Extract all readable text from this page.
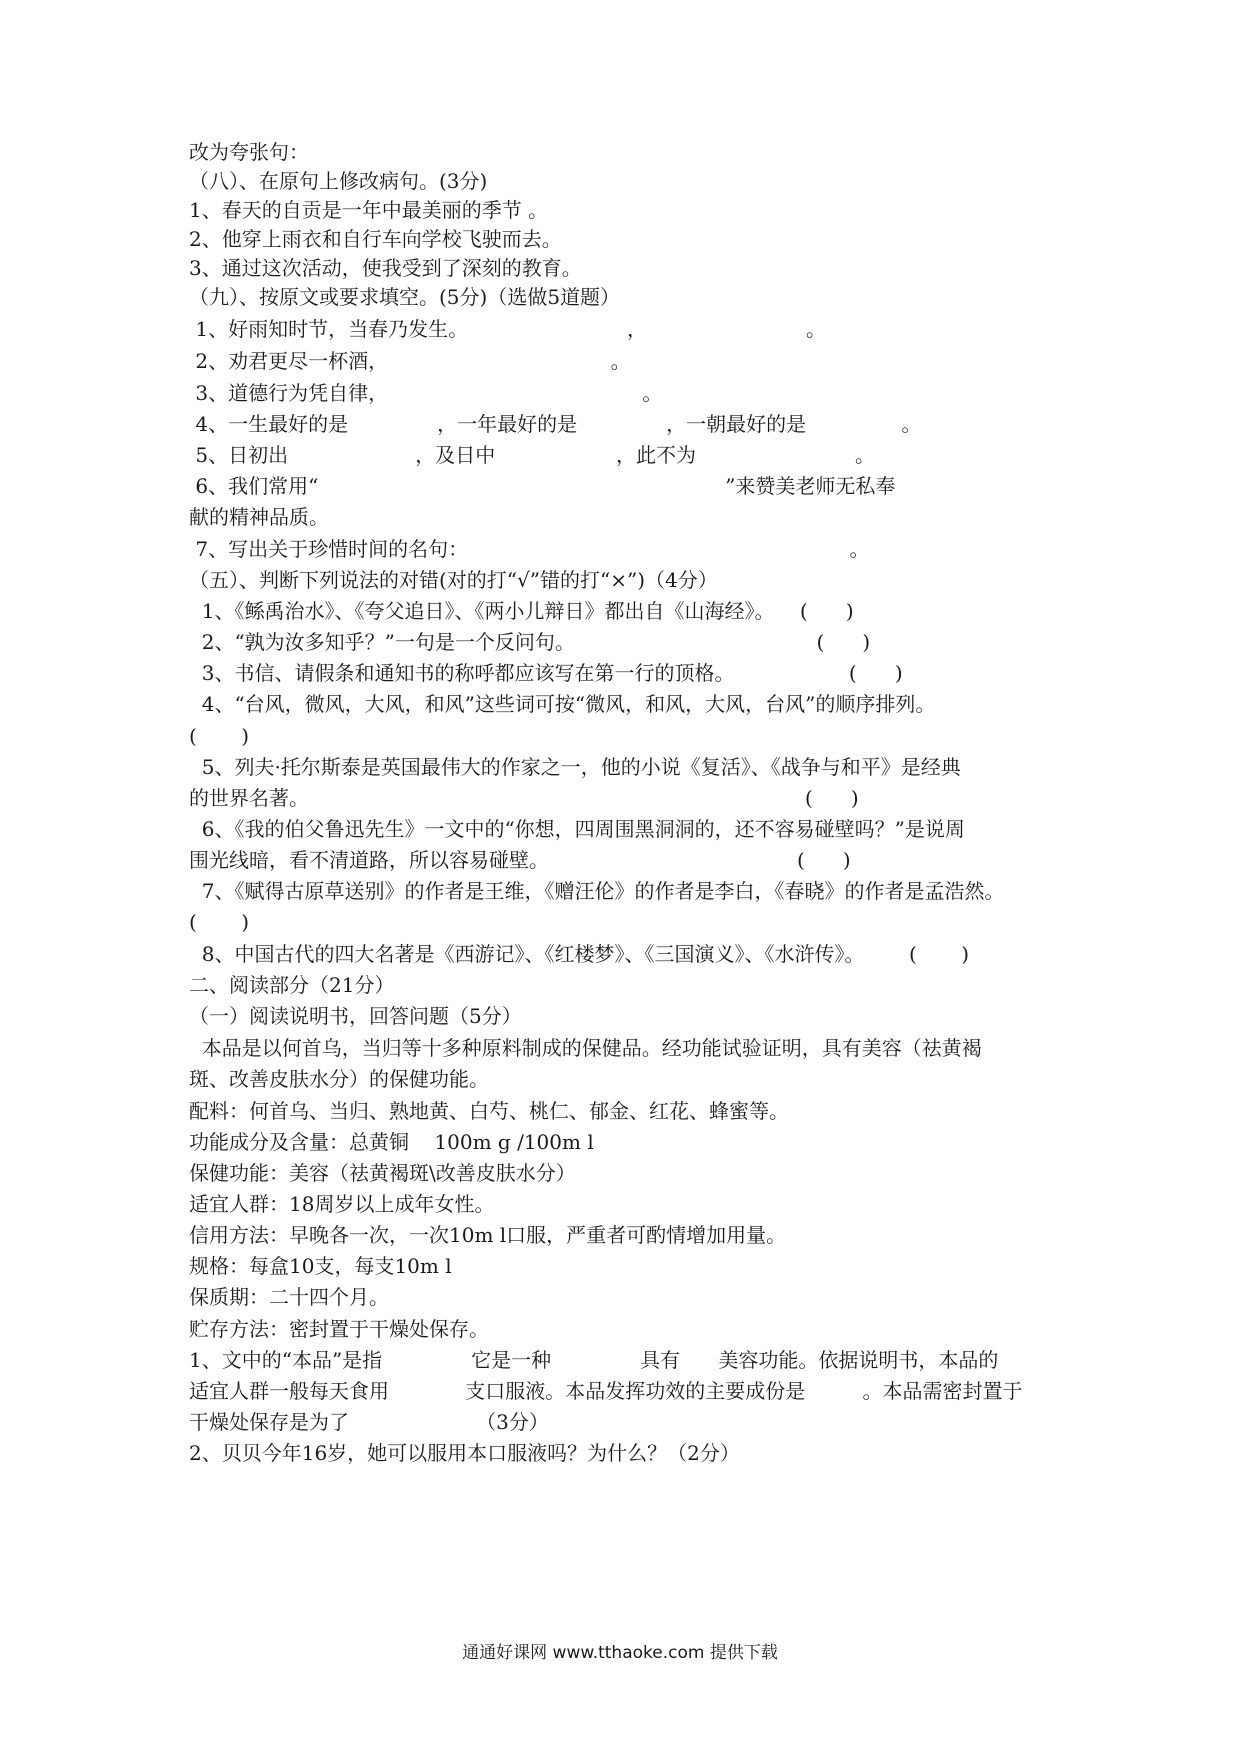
改为夸张句：
（八）、在原句上修改病句。(3分)
1、春天的自贡是一年中最美丽的季节 。
2、他穿上雨衣和自行车向学校飞驶而去。
3、通过这次活动，使我受到了深刻的教育。
（九）、按原文或要求填空。(5分)（选做5道题）
1、好雨知时节，当春乃发生。                         ，                         。
2、劝君更尽一杯酒，                                   。
3、道德行为凭自律，                                        。
4、一生最好的是              ，一年最好的是              ，一朝最好的是               。
5、日初出                    ，及日中                   ，此不为                         。
6、我们常用“                                                                ”来赞美老师无私奉
献的精神品质。
7、写出关于珍惜时间的名句：                                                            。
（五）、判断下列说法的对错(对的打“√”错的打“×”)（4分）
1、《鲧禹治水》、《夸父追日》、《两小儿辩日》都出自《山海经》。    (      )
2、“孰为汝多知乎？”一句是一个反问句。                                      (      )
3、书信、请假条和通知书的称呼都应该写在第一行的顶格。                  (      )
4、“台风，微风，大风，和风”这些词可按“微风，和风，大风，台风”的顺序排列。
(       )
5、列夫·托尔斯泰是英国最伟大的作家之一，他的小说《复活》、《战争与和平》是经典
的世界名著。                                                                              (      )
6、《我的伯父鲁迅先生》一文中的“你想，四周围黑洞洞的，还不容易碰壁吗？”是说周
围光线暗，看不清道路，所以容易碰壁。                                       (      )
7、《赋得古原草送别》的作者是王维，《赠汪伦》的作者是李白，《春晓》的作者是孟浩然。
(       )
8、中国古代的四大名著是《西游记》、《红楼梦》、《三国演义》、《水浒传》。       (       )
二、阅读部分（21分）
（一）阅读说明书，回答问题（5分）
本品是以何首乌，当归等十多种原料制成的保健品。经功能试验证明，具有美容（祛黄褐
斑、改善皮肤水分）的保健功能。
配料：何首乌、当归、熟地黄、白芍、桃仁、郁金、红花、蜂蜜等。
功能成分及含量：总黄铜    100m g /100m l
保健功能：美容（祛黄褐斑\改善皮肤水分）
适宜人群：18周岁以上成年女性。
信用方法：早晚各一次，一次10m l口服，严重者可酌情增加用量。
规格：每盒10支，每支10m l
保质期：二十四个月。
贮存方法：密封置于干燥处保存。
1、文中的“本品”是指              它是一种              具有      美容功能。依据说明书，本品的
适宜人群一般每天食用            支口服液。本品发挥功效的主要成份是         。本品需密封置于
干燥处保存是为了                    （3分）
2、贝贝今年16岁，她可以服用本口服液吗？为什么？（2分）
通通好课网 www.tthaoke.com 提供下载
